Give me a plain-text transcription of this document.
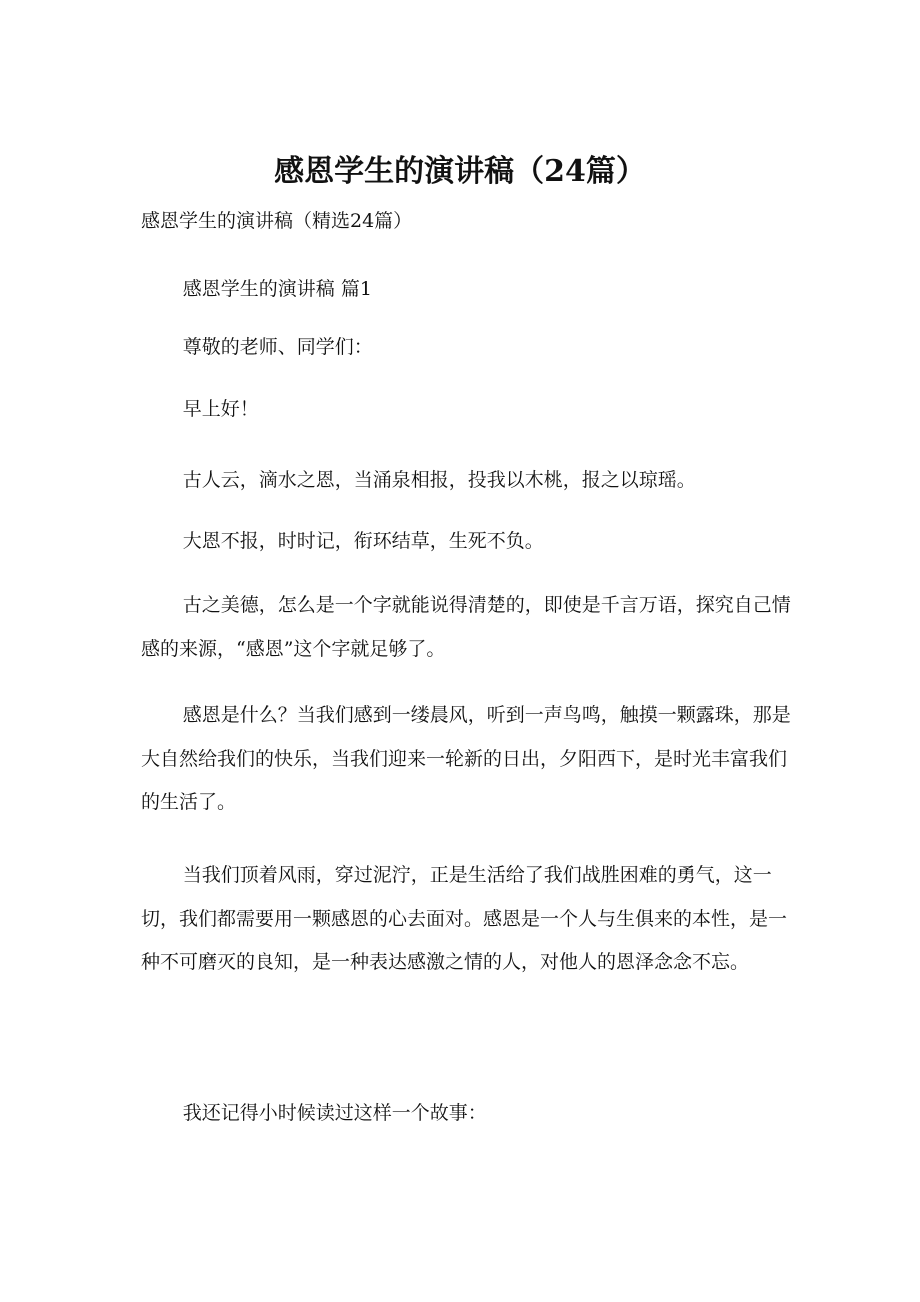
感恩学生的演讲稿（24篇）

感恩学生的演讲稿（精选24篇）

感恩学生的演讲稿 篇1

尊敬的老师、同学们：

早上好！

古人云，滴水之恩，当涌泉相报，投我以木桃，报之以琼瑶。

大恩不报，时时记，衔环结草，生死不负。

古之美德，怎么是一个字就能说得清楚的，即使是千言万语，探究自己情感的来源，“感恩”这个字就足够了。

感恩是什么？当我们感到一缕晨风，听到一声鸟鸣，触摸一颗露珠，那是大自然给我们的快乐，当我们迎来一轮新的日出，夕阳西下，是时光丰富我们的生活了。

当我们顶着风雨，穿过泥泞，正是生活给了我们战胜困难的勇气，这一切，我们都需要用一颗感恩的心去面对。感恩是一个人与生俱来的本性，是一种不可磨灭的良知，是一种表达感激之情的人，对他人的恩泽念念不忘。

我还记得小时候读过这样一个故事：
